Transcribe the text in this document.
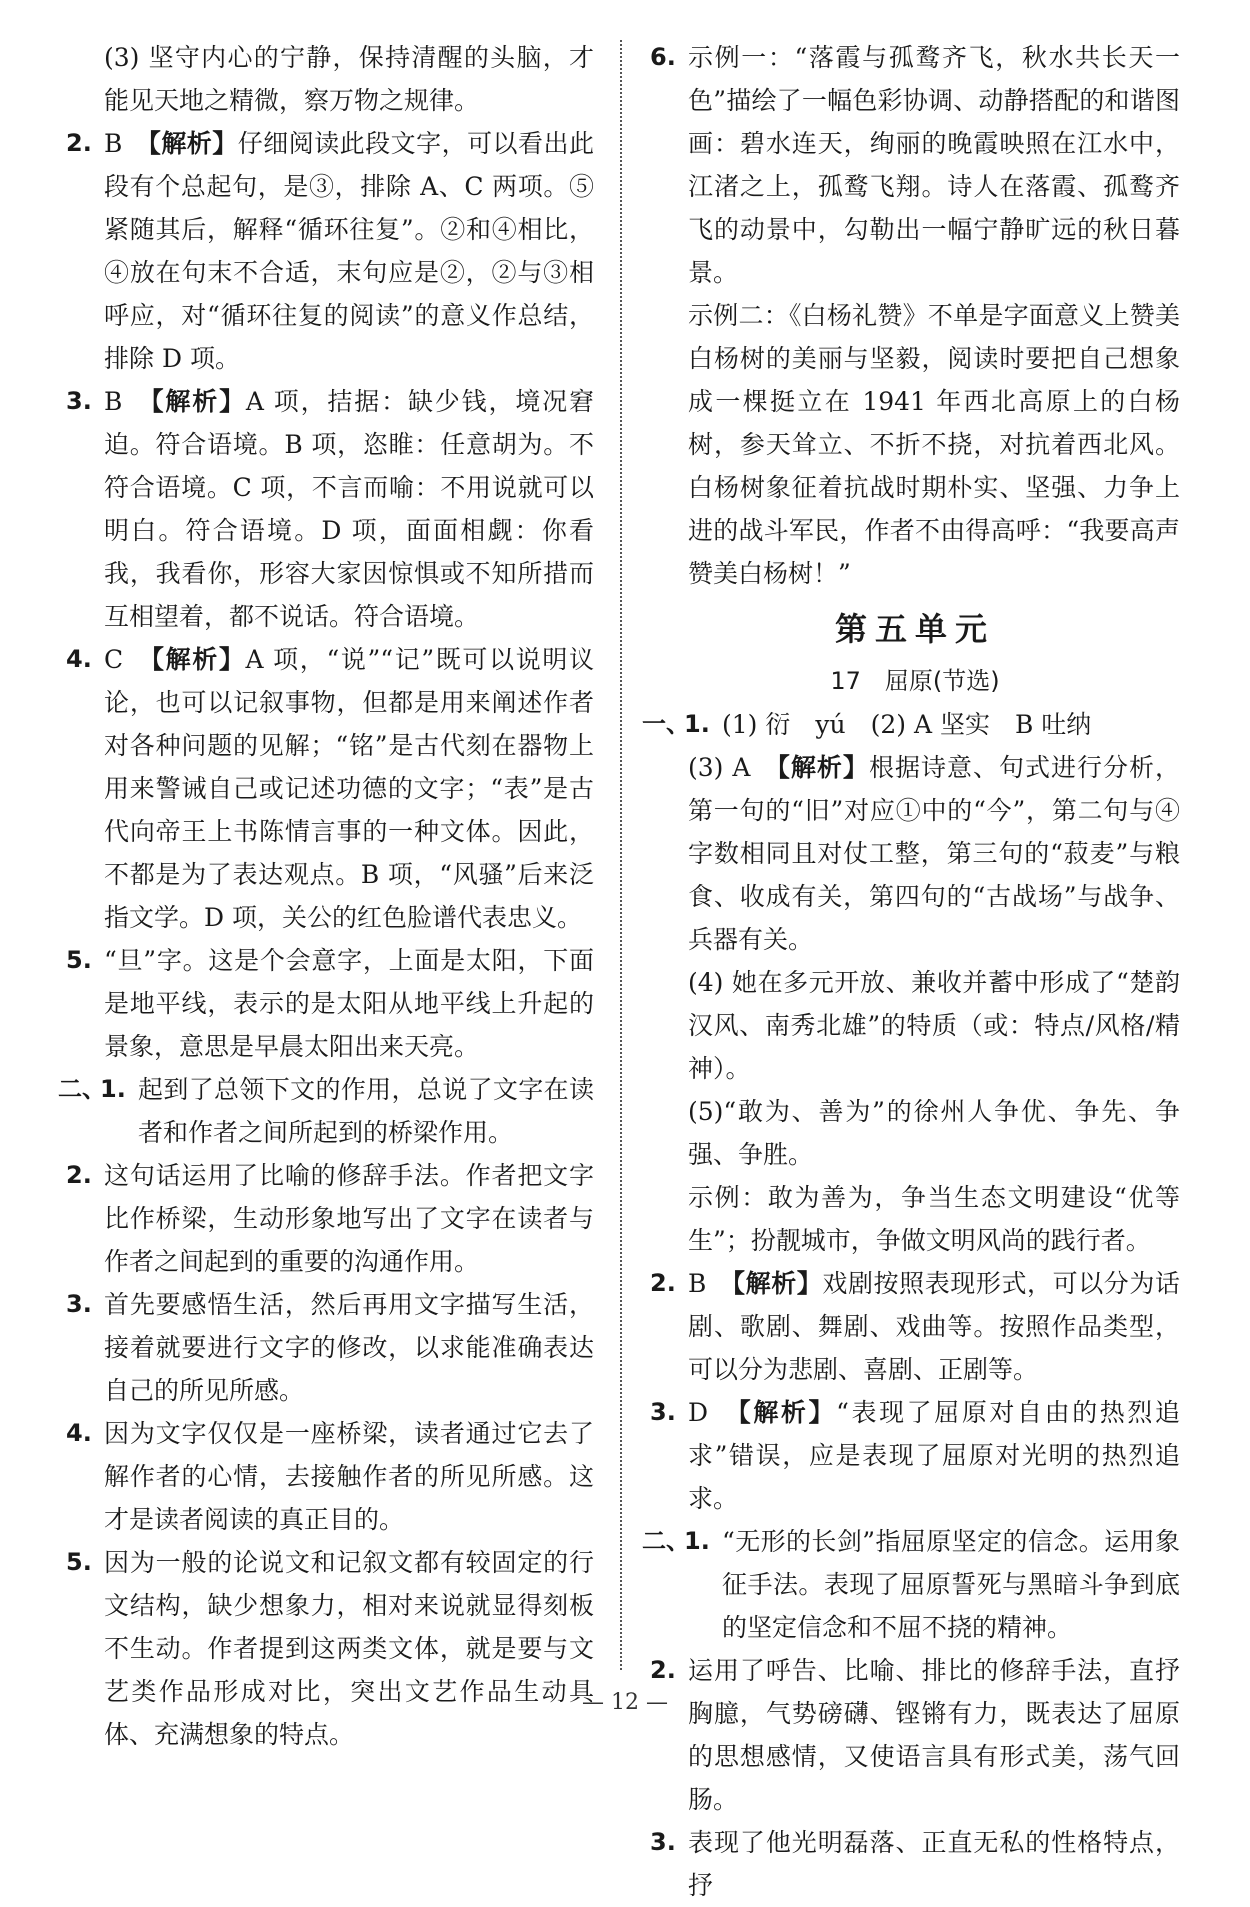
(3) 坚守内心的宁静，保持清醒的头脑，才能见天地之精微，察万物之规律。

2. B　 【解析】仔细阅读此段文字，可以看出此段有个总起句，是③，排除 A、C 两项。⑤紧随其后，解释“循环往复”。②和④相比，④放在句末不合适，末句应是②，②与③相呼应，对“循环往复的阅读”的意义作总结，排除 D 项。
3. B　 【解析】A 项，拮据：缺少钱，境况窘迫。符合语境。B 项，恣睢：任意胡为。不符合语境。C 项，不言而喻：不用说就可以明白。符合语境。D 项，面面相觑：你看我，我看你，形容大家因惊惧或不知所措而互相望着，都不说话。符合语境。
4. C　 【解析】A 项，“说”“记”既可以说明议论，也可以记叙事物，但都是用来阐述作者对各种问题的见解；“铭”是古代刻在器物上用来警诫自己或记述功德的文字；“表”是古代向帝王上书陈情言事的一种文体。因此，不都是为了表达观点。B 项，“风骚”后来泛指文学。D 项，关公的红色脸谱代表忠义。
5. “旦”字。这是个会意字，上面是太阳，下面是地平线，表示的是太阳从地平线上升起的景象，意思是早晨太阳出来天亮。
二、
1. 起到了总领下文的作用，总说了文字在读者和作者之间所起到的桥梁作用。
2. 这句话运用了比喻的修辞手法。作者把文字比作桥梁，生动形象地写出了文字在读者与作者之间起到的重要的沟通作用。
3. 首先要感悟生活，然后再用文字描写生活，接着就要进行文字的修改，以求能准确表达自己的所见所感。
4. 因为文字仅仅是一座桥梁，读者通过它去了解作者的心情，去接触作者的所见所感。这才是读者阅读的真正目的。
5. 因为一般的论说文和记叙文都有较固定的行文结构，缺少想象力，相对来说就显得刻板不生动。作者提到这两类文体，就是要与文艺类作品形成对比，突出文艺作品生动具体、充满想象的特点。
6. 示例一：“落霞与孤鹜齐飞，秋水共长天一色”描绘了一幅色彩协调、动静搭配的和谐图画：碧水连天，绚丽的晚霞映照在江水中，江渚之上，孤鹜飞翔。诗人在落霞、孤鹜齐飞的动景中，勾勒出一幅宁静旷远的秋日暮景。
示例二：《白杨礼赞》不单是字面意义上赞美白杨树的美丽与坚毅，阅读时要把自己想象成一棵挺立在 1941 年西北高原上的白杨树，参天耸立、不折不挠，对抗着西北风。白杨树象征着抗战时期朴实、坚强、力争上进的战斗军民，作者不由得高呼：“我要高声赞美白杨树！”
第五单元
17　屈原(节选)
一、
1. (1) 衍　yú　(2) A 坚实　B 吐纳
(3) A　【解析】根据诗意、句式进行分析，第一句的“旧”对应①中的“今”，第二句与④字数相同且对仗工整，第三句的“菽麦”与粮食、收成有关，第四句的“古战场”与战争、兵器有关。
(4) 她在多元开放、兼收并蓄中形成了“楚韵汉风、南秀北雄”的特质（或：特点/风格/精神）。
(5)“敢为、善为”的徐州人争优、争先、争强、争胜。
示例：敢为善为，争当生态文明建设“优等生”；扮靓城市，争做文明风尚的践行者。
2. B　 【解析】戏剧按照表现形式，可以分为话剧、歌剧、舞剧、戏曲等。按照作品类型，可以分为悲剧、喜剧、正剧等。
3. D　 【解析】“表现了屈原对自由的热烈追求”错误，应是表现了屈原对光明的热烈追求。
二、
1. “无形的长剑”指屈原坚定的信念。运用象征手法。表现了屈原誓死与黑暗斗争到底的坚定信念和不屈不挠的精神。
2. 运用了呼告、比喻、排比的修辞手法，直抒胸臆，气势磅礴、铿锵有力，既表达了屈原的思想感情，又使语言具有形式美，荡气回肠。
3. 表现了他光明磊落、正直无私的性格特点，抒
— 12 —
